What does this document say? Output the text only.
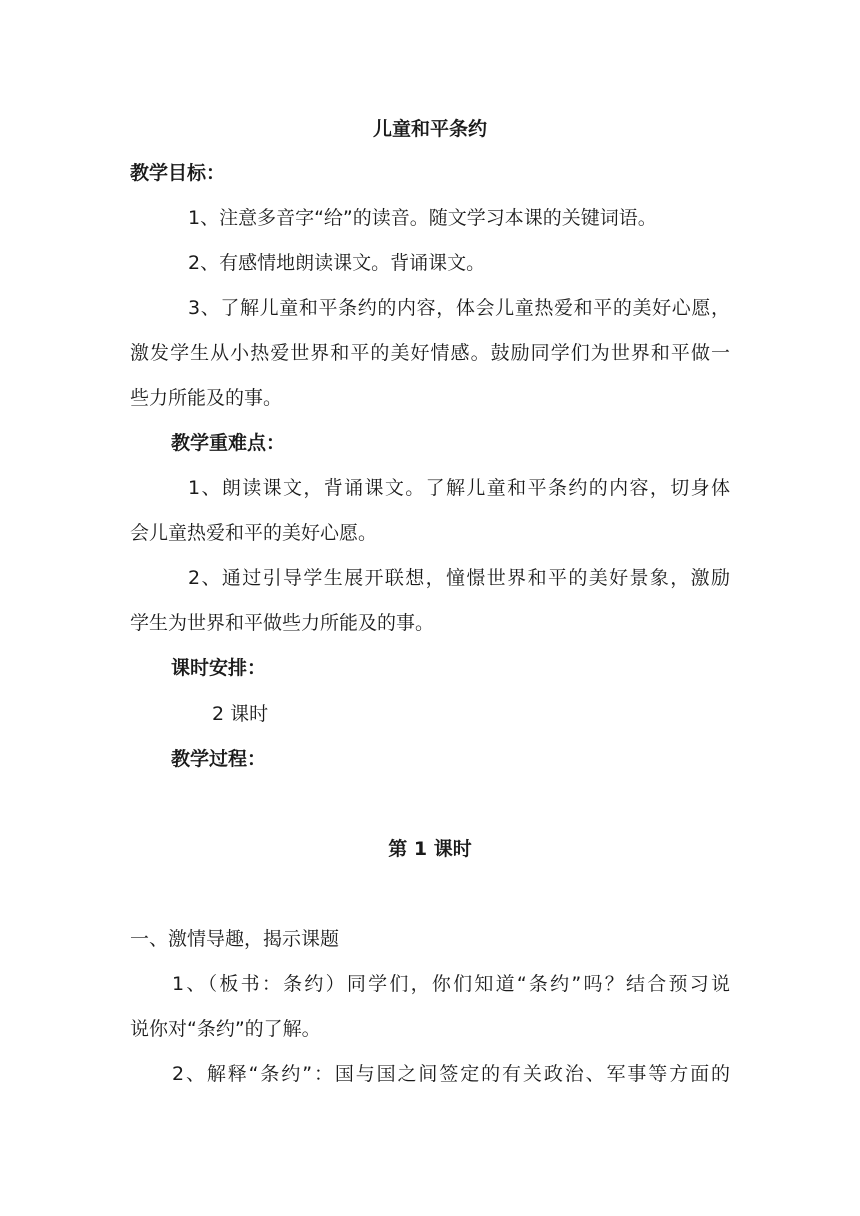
儿童和平条约
教学目标：
1、注意多音字“给”的读音。随文学习本课的关键词语。
2、有感情地朗读课文。背诵课文。
3、了解儿童和平条约的内容，体会儿童热爱和平的美好心愿，
激发学生从小热爱世界和平的美好情感。鼓励同学们为世界和平做一
些力所能及的事。
教学重难点：
1、朗读课文，背诵课文。了解儿童和平条约的内容，切身体
会儿童热爱和平的美好心愿。
2、通过引导学生展开联想，憧憬世界和平的美好景象，激励
学生为世界和平做些力所能及的事。
课时安排：
2 课时
教学过程：
第 1 课时
一、激情导趣，揭示课题
1、（板书：条约）同学们，你们知道“条约”吗？结合预习说
说你对“条约”的了解。
2、解释“条约”：国与国之间签定的有关政治、军事等方面的
